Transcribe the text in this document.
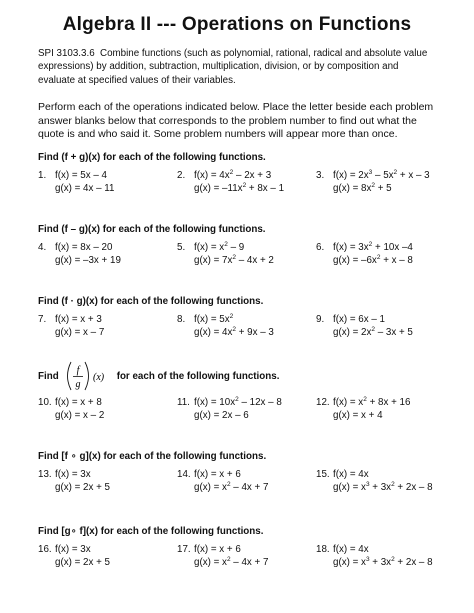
Algebra II --- Operations on Functions
SPI 3103.3.6 Combine functions (such as polynomial, rational, radical and absolute value expressions) by addition, subtraction, multiplication, division, or by composition and evaluate at specified values of their variables.
Perform each of the operations indicated below. Place the letter beside each problem answer blanks below that corresponds to the problem number to find out what the quote is and who said it. Some problem numbers will appear more than once.
Find (f + g)(x) for each of the following functions.
1. f(x) = 5x – 4
g(x) = 4x – 11
2. $f(x) = 4x^2 - 2x + 3$
$g(x) = -11x^2 + 8x - 1$
3. $f(x) = 2x^3 - 5x^2 + x - 3$
$g(x) = 8x^2 + 5$
Find (f – g)(x) for each of the following functions.
4. f(x) = 8x – 20
g(x) = –3x + 19
5. $f(x) = x^2 - 9$
$g(x) = 7x^2 - 4x + 2$
6. $f(x) = 3x^2 + 10x$ –4
$g(x) = -6x^2 + x - 8$
Find (f · g)(x) for each of the following functions.
7. f(x) = x + 3
g(x) = x – 7
8. $f(x) = 5x^2$
$g(x) = 4x^2 + 9x - 3$
9. f(x) = 6x – 1
$g(x) = 2x^2 - 3x + 5$
Find f
g
(x) for each of the following functions.
10. f(x) = x + 8
g(x) = x – 2
11. $f(x) = 10x^2 - 12x - 8$
g(x) = 2x – 6
12. $f(x) = x^2 + 8x + 16$
g(x) = x + 4
Find [f ∘ g](x) for each of the following functions.
13. f(x) = 3x
g(x) = 2x + 5
14. f(x) = x + 6
$g(x) = x^2 - 4x + 7$
15. f(x) = 4x
$g(x) = x^3 + 3x^2 + 2x - 8$
Find [g∘ f](x) for each of the following functions.
16. f(x) = 3x
g(x) = 2x + 5
17. f(x) = x + 6
$g(x) = x^2 - 4x + 7$
18. f(x) = 4x
$g(x) = x^3 + 3x^2 + 2x - 8$
